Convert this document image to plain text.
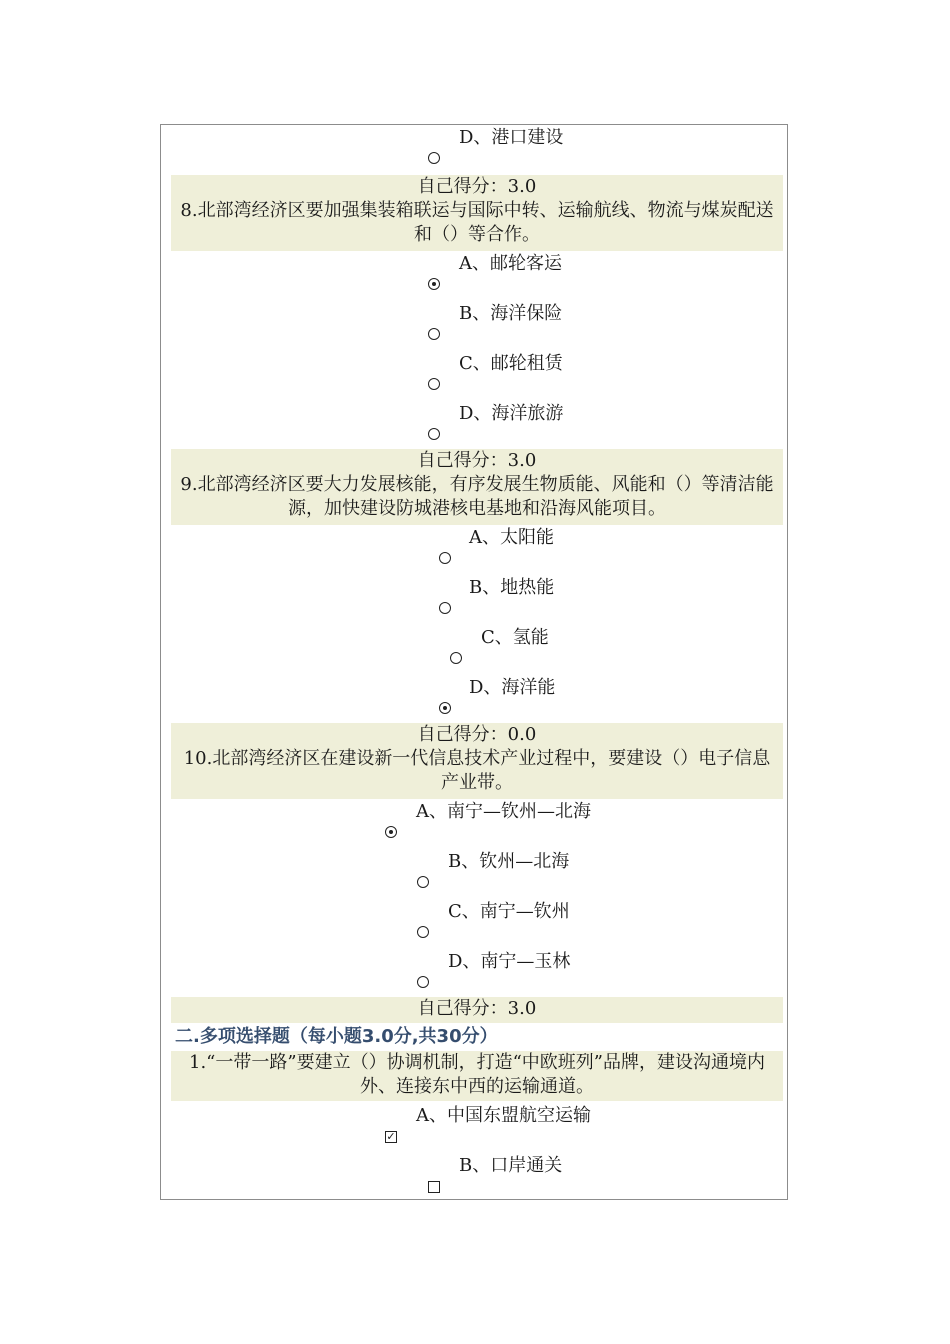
D、港口建设
自己得分：3.0
8.北部湾经济区要加强集装箱联运与国际中转、运输航线、物流与煤炭配送和（）等合作。
A、邮轮客运
B、海洋保险
C、邮轮租赁
D、海洋旅游
自己得分：3.0
9.北部湾经济区要大力发展核能，有序发展生物质能、风能和（）等清洁能源，加快建设防城港核电基地和沿海风能项目。
A、太阳能
B、地热能
C、氢能
D、海洋能
自己得分：0.0
10.北部湾经济区在建设新一代信息技术产业过程中，要建设（）电子信息产业带。
A、南宁—钦州—北海
B、钦州—北海
C、南宁—钦州
D、南宁—玉林
自己得分：3.0
二.多项选择题（每小题3.0分,共30分）
1.“一带一路”要建立（）协调机制，打造“中欧班列”品牌，建设沟通境内外、连接东中西的运输通道。
A、中国东盟航空运输
✓
B、口岸通关
